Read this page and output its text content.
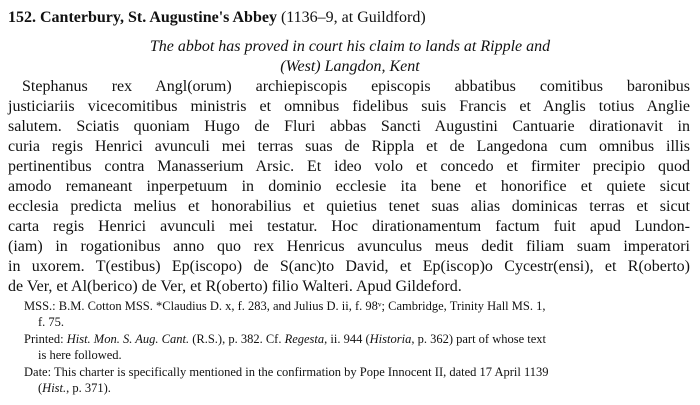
152. Canterbury, St. Augustine's Abbey (1136–9, at Guildford)
The abbot has proved in court his claim to lands at Ripple and
(West) Langdon, Kent
Stephanus rex Angl(orum) archiepiscopis episcopis abbatibus comitibus baronibus
justiciariis vicecomitibus ministris et omnibus fidelibus suis Francis et Anglis totius Anglie
salutem. Sciatis quoniam Hugo de Fluri abbas Sancti Augustini Cantuarie dirationavit in
curia regis Henrici avunculi mei terras suas de Rippla et de Langedona cum omnibus illis
pertinentibus contra Manasserium Arsic. Et ideo volo et concedo et firmiter precipio quod
amodo remaneant inperpetuum in dominio ecclesie ita bene et honorifice et quiete sicut
ecclesia predicta melius et honorabilius et quietius tenet suas alias dominicas terras et sicut
carta regis Henrici avunculi mei testatur. Hoc dirationamentum factum fuit apud Lundon-
(iam) in rogationibus anno quo rex Henricus avunculus meus dedit filiam suam imperatori
in uxorem. T(estibus) Ep(iscopo) de S(anc)to David, et Ep(iscop)o Cycestr(ensi), et R(oberto)
de Ver, et Al(berico) de Ver, et R(oberto) filio Walteri. Apud Gildeford.
MSS.: B.M. Cotton MSS. *Claudius D. x, f. 283, and Julius D. ii, f. 98ᵛ; Cambridge, Trinity Hall MS. 1,
f. 75.
Printed: Hist. Mon. S. Aug. Cant. (R.S.), p. 382. Cf. Regesta, ii. 944 (Historia, p. 362) part of whose text
is here followed.
Date: This charter is specifically mentioned in the confirmation by Pope Innocent II, dated 17 April 1139
(Hist., p. 371).
